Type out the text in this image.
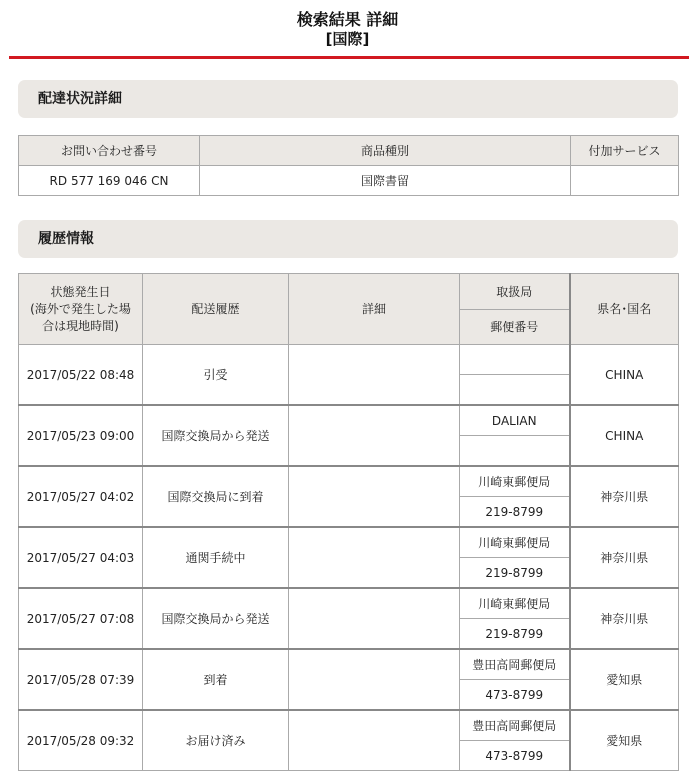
検索結果 詳細
[国際]
配達状況詳細
お問い合わせ番号	商品種別	付加サービス
RD 577 169 046 CN	国際書留	
履歴情報
状態発生日
(海外で発生した場
合は現地時間)	配送履歴	詳細	取扱局	県名･国名
			郵便番号	
2017/05/22 08:48	引受			CHINA

2017/05/23 09:00	国際交換局から発送		DALIAN	CHINA

2017/05/27 04:02	国際交換局に到着		川崎東郵便局	神奈川県
			219-8799	
2017/05/27 04:03	通関手続中		川崎東郵便局	神奈川県
			219-8799	
2017/05/27 07:08	国際交換局から発送		川崎東郵便局	神奈川県
			219-8799	
2017/05/28 07:39	到着		豊田高岡郵便局	愛知県
			473-8799	
2017/05/28 09:32	お届け済み		豊田高岡郵便局	愛知県
			473-8799	
